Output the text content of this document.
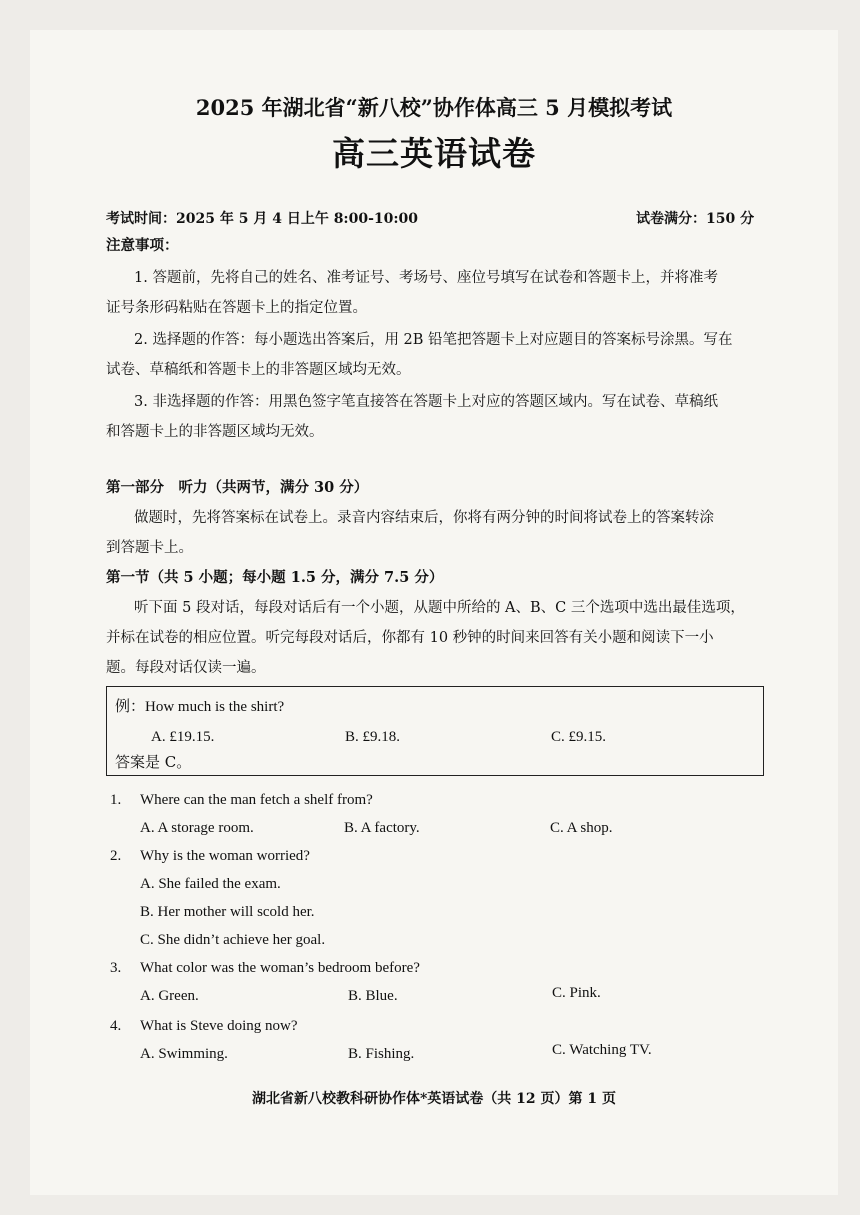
2025 年湖北省“新八校”协作体高三 5 月模拟考试
高三英语试卷
考试时间：2025 年 5 月 4 日上午 8:00-10:00	试卷满分：150 分
注意事项：
1. 答题前，先将自己的姓名、准考证号、考场号、座位号填写在试卷和答题卡上，并将准考
证号条形码粘贴在答题卡上的指定位置。
2. 选择题的作答：每小题选出答案后，用 2B 铅笔把答题卡上对应题目的答案标号涂黑。写在
试卷、草稿纸和答题卡上的非答题区域均无效。
3. 非选择题的作答：用黑色签字笔直接答在答题卡上对应的答题区域内。写在试卷、草稿纸
和答题卡上的非答题区域均无效。
第一部分　听力（共两节，满分 30 分）
做题时，先将答案标在试卷上。录音内容结束后，你将有两分钟的时间将试卷上的答案转涂
到答题卡上。
第一节（共 5 小题；每小题 1.5 分，满分 7.5 分）
听下面 5 段对话，每段对话后有一个小题，从题中所给的 A、B、C 三个选项中选出最佳选项，
并标在试卷的相应位置。听完每段对话后，你都有 10 秒钟的时间来回答有关小题和阅读下一小
题。每段对话仅读一遍。
例：How much is the shirt?
A. £19.15.	B. £9.18.	C. £9.15.
答案是 C。
1. Where can the man fetch a shelf from?
A. A storage room.	B. A factory.	C. A shop.
2. Why is the woman worried?
A. She failed the exam.
B. Her mother will scold her.
C. She didn’t achieve her goal.
3. What color was the woman’s bedroom before?
A. Green.	B. Blue.	C. Pink.
4. What is Steve doing now?
A. Swimming.	B. Fishing.	C. Watching TV.
湖北省新八校教科研协作体*英语试卷（共 12 页）第 1 页
